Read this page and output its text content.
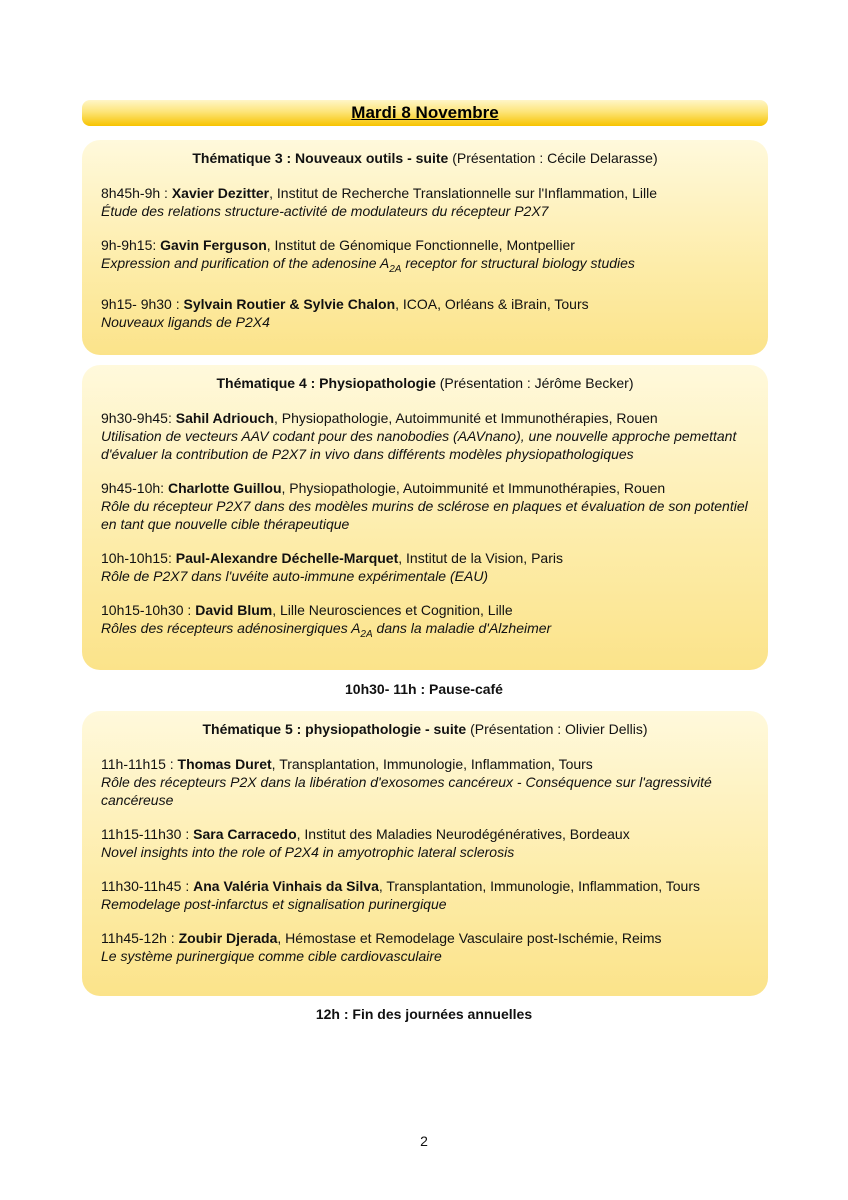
Mardi 8 Novembre
Thématique 3 : Nouveaux outils - suite (Présentation : Cécile Delarasse)
8h45h-9h : Xavier Dezitter, Institut de Recherche Translationnelle sur l'Inflammation, Lille
Étude des relations structure-activité de modulateurs du récepteur P2X7
9h-9h15: Gavin Ferguson, Institut de Génomique Fonctionnelle, Montpellier
Expression and purification of the adenosine $A_{2A}$ receptor for structural biology studies
9h15- 9h30 : Sylvain Routier & Sylvie Chalon, ICOA, Orléans & iBrain, Tours
Nouveaux ligands de P2X4
Thématique 4 : Physiopathologie (Présentation : Jérôme Becker)
9h30-9h45: Sahil Adriouch, Physiopathologie, Autoimmunité et Immunothérapies, Rouen
Utilisation de vecteurs AAV codant pour des nanobodies (AAVnano), une nouvelle approche pemettant d'évaluer la contribution de P2X7 in vivo dans différents modèles physiopathologiques
9h45-10h: Charlotte Guillou, Physiopathologie, Autoimmunité et Immunothérapies, Rouen
Rôle du récepteur P2X7 dans des modèles murins de sclérose en plaques et évaluation de son potentiel en tant que nouvelle cible thérapeutique
10h-10h15: Paul-Alexandre Déchelle-Marquet, Institut de la Vision, Paris
Rôle de P2X7 dans l'uvéite auto-immune expérimentale (EAU)
10h15-10h30 : David Blum, Lille Neurosciences et Cognition, Lille
Rôles des récepteurs adénosinergiques $A_{2A}$ dans la maladie d'Alzheimer
10h30- 11h : Pause-café
Thématique 5 : physiopathologie - suite (Présentation : Olivier Dellis)
11h-11h15 : Thomas Duret, Transplantation, Immunologie, Inflammation, Tours
Rôle des récepteurs P2X dans la libération d'exosomes cancéreux - Conséquence sur l'agressivité cancéreuse
11h15-11h30 : Sara Carracedo, Institut des Maladies Neurodégénératives, Bordeaux
Novel insights into the role of P2X4 in amyotrophic lateral sclerosis
11h30-11h45 : Ana Valéria Vinhais da Silva, Transplantation, Immunologie, Inflammation, Tours
Remodelage post-infarctus et signalisation purinergique
11h45-12h : Zoubir Djerada, Hémostase et Remodelage Vasculaire post-Ischémie, Reims
Le système purinergique comme cible cardiovasculaire
12h : Fin des journées annuelles
2
